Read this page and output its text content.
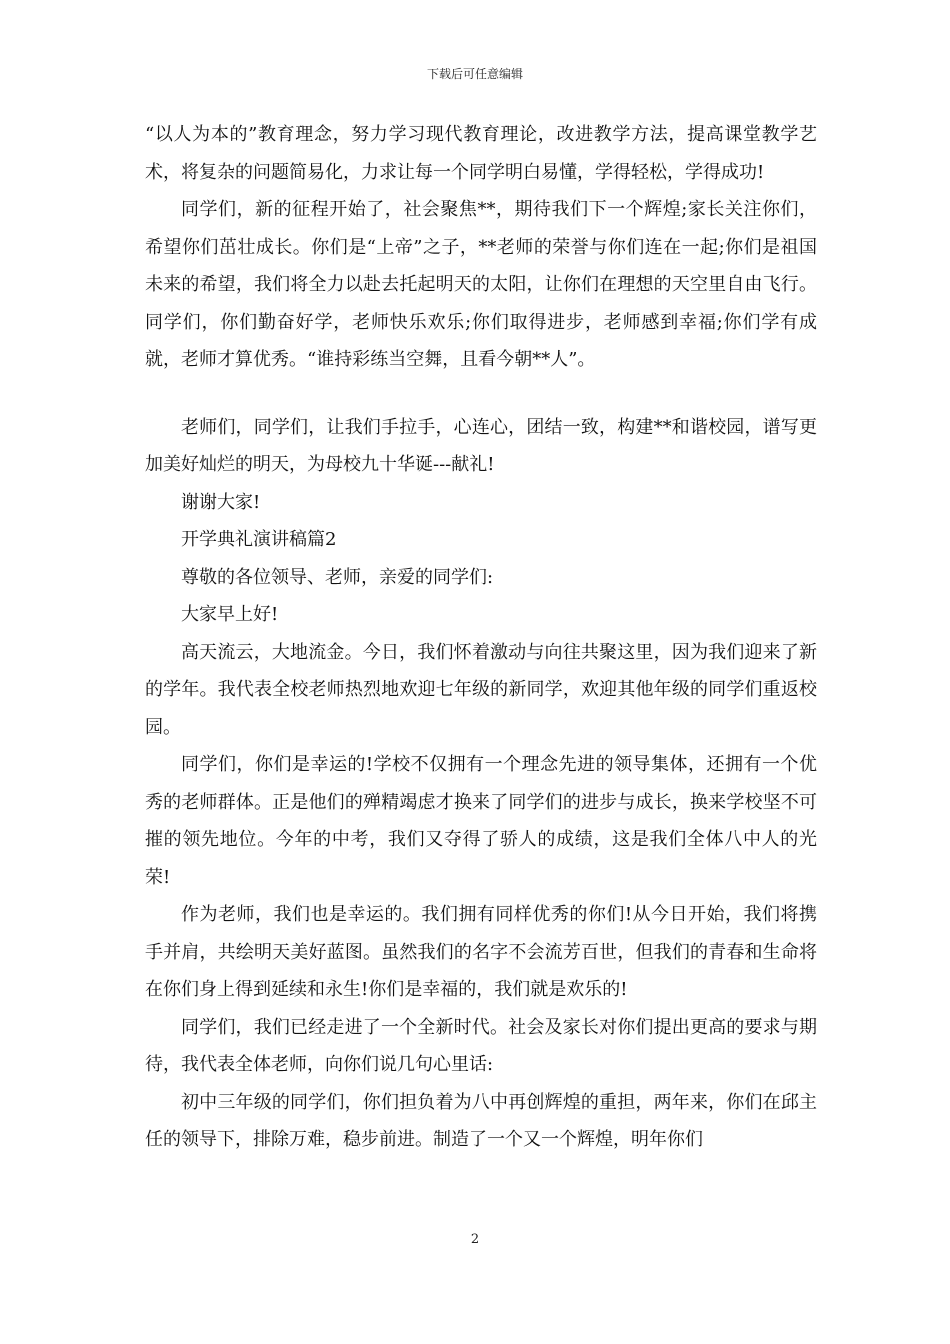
下载后可任意编辑

“以人为本的”教育理念，努力学习现代教育理论，改进教学方法，提高课堂教学艺术，将复杂的问题简易化，力求让每一个同学明白易懂，学得轻松，学得成功!

同学们，新的征程开始了，社会聚焦**，期待我们下一个辉煌;家长关注你们，希望你们茁壮成长。你们是“上帝”之子，**老师的荣誉与你们连在一起;你们是祖国未来的希望，我们将全力以赴去托起明天的太阳，让你们在理想的天空里自由飞行。同学们，你们勤奋好学，老师快乐欢乐;你们取得进步，老师感到幸福;你们学有成就，老师才算优秀。“谁持彩练当空舞，且看今朝**人”。

老师们，同学们，让我们手拉手，心连心，团结一致，构建**和谐校园，谱写更加美好灿烂的明天，为母校九十华诞---献礼!

谢谢大家!

开学典礼演讲稿篇2

尊敬的各位领导、老师，亲爱的同学们:

大家早上好!

高天流云，大地流金。今日，我们怀着激动与向往共聚这里，因为我们迎来了新的学年。我代表全校老师热烈地欢迎七年级的新同学，欢迎其他年级的同学们重返校园。

同学们，你们是幸运的!学校不仅拥有一个理念先进的领导集体，还拥有一个优秀的老师群体。正是他们的殚精竭虑才换来了同学们的进步与成长，换来学校坚不可摧的领先地位。今年的中考，我们又夺得了骄人的成绩，这是我们全体八中人的光荣!

作为老师，我们也是幸运的。我们拥有同样优秀的你们!从今日开始，我们将携手并肩，共绘明天美好蓝图。虽然我们的名字不会流芳百世，但我们的青春和生命将在你们身上得到延续和永生!你们是幸福的，我们就是欢乐的!

同学们，我们已经走进了一个全新时代。社会及家长对你们提出更高的要求与期待，我代表全体老师，向你们说几句心里话:

初中三年级的同学们，你们担负着为八中再创辉煌的重担，两年来，你们在邱主任的领导下，排除万难，稳步前进。制造了一个又一个辉煌，明年你们

2
